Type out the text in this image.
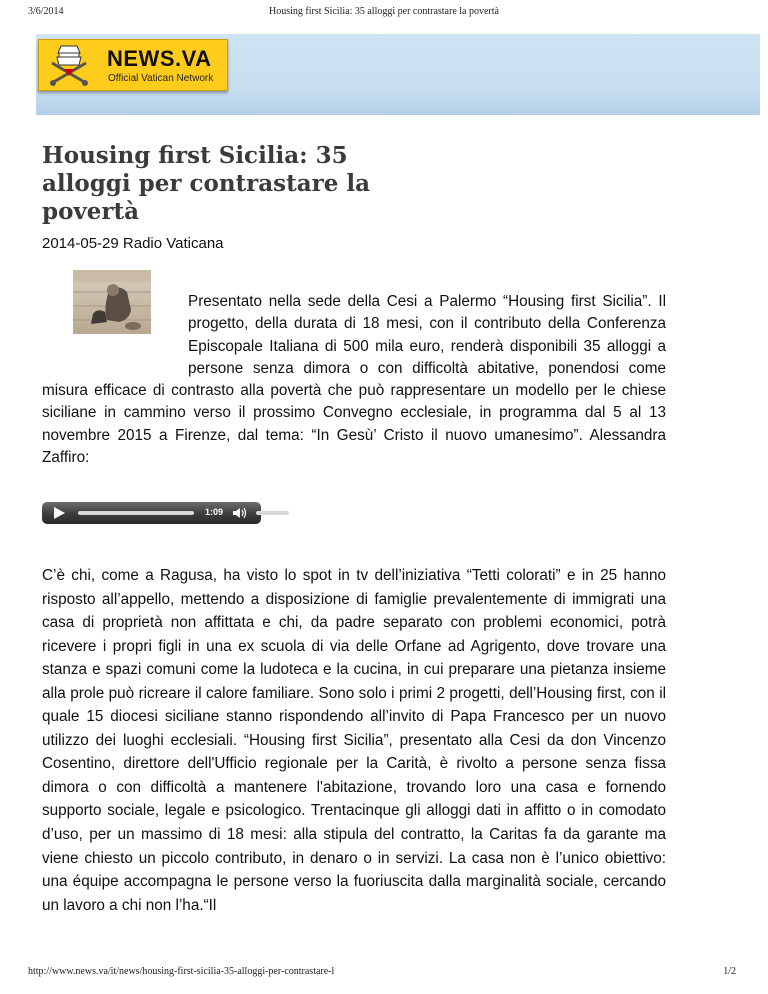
3/6/2014	Housing first Sicilia: 35 alloggi per contrastare la povertà
NEWS.VA
Official Vatican Network
Housing first Sicilia: 35 alloggi per contrastare la povertà
2014-05-29 Radio Vaticana

Presentato nella sede della Cesi a Palermo “Housing first Sicilia”. Il progetto, della durata di 18 mesi, con il contributo della Conferenza Episcopale Italiana di 500 mila euro, renderà disponibili 35 alloggi a persone senza dimora o con difficoltà abitative, ponendosi come misura efficace di contrasto alla povertà che può rappresentare un modello per le chiese siciliane in cammino verso il prossimo Convegno ecclesiale, in programma dal 5 al 13 novembre 2015 a Firenze, dal tema: “In Gesù’ Cristo il nuovo umanesimo”. Alessandra Zaffiro:

1:09

C’è chi, come a Ragusa, ha visto lo spot in tv dell’iniziativa “Tetti colorati” e in 25 hanno risposto all’appello, mettendo a disposizione di famiglie prevalentemente di immigrati una casa di proprietà non affittata e chi, da padre separato con problemi economici, potrà ricevere i propri figli in una ex scuola di via delle Orfane ad Agrigento, dove trovare una stanza e spazi comuni come la ludoteca e la cucina, in cui preparare una pietanza insieme alla prole può ricreare il calore familiare. Sono solo i primi 2 progetti, dell’Housing first, con il quale 15 diocesi siciliane stanno rispondendo all’invito di Papa Francesco per un nuovo utilizzo dei luoghi ecclesiali. “Housing first Sicilia”, presentato alla Cesi da don Vincenzo Cosentino, direttore dell'Ufficio regionale per la Carità, è rivolto a persone senza fissa dimora o con difficoltà a mantenere l'abitazione, trovando loro una casa e fornendo supporto sociale, legale e psicologico. Trentacinque gli alloggi dati in affitto o in comodato d’uso, per un massimo di 18 mesi: alla stipula del contratto, la Caritas fa da garante ma viene chiesto un piccolo contributo, in denaro o in servizi. La casa non è l’unico obiettivo: una équipe accompagna le persone verso la fuoriuscita dalla marginalità sociale, cercando un lavoro a chi non l’ha.“Il

http://www.news.va/it/news/housing-first-sicilia-35-alloggi-per-contrastare-l	1/2
